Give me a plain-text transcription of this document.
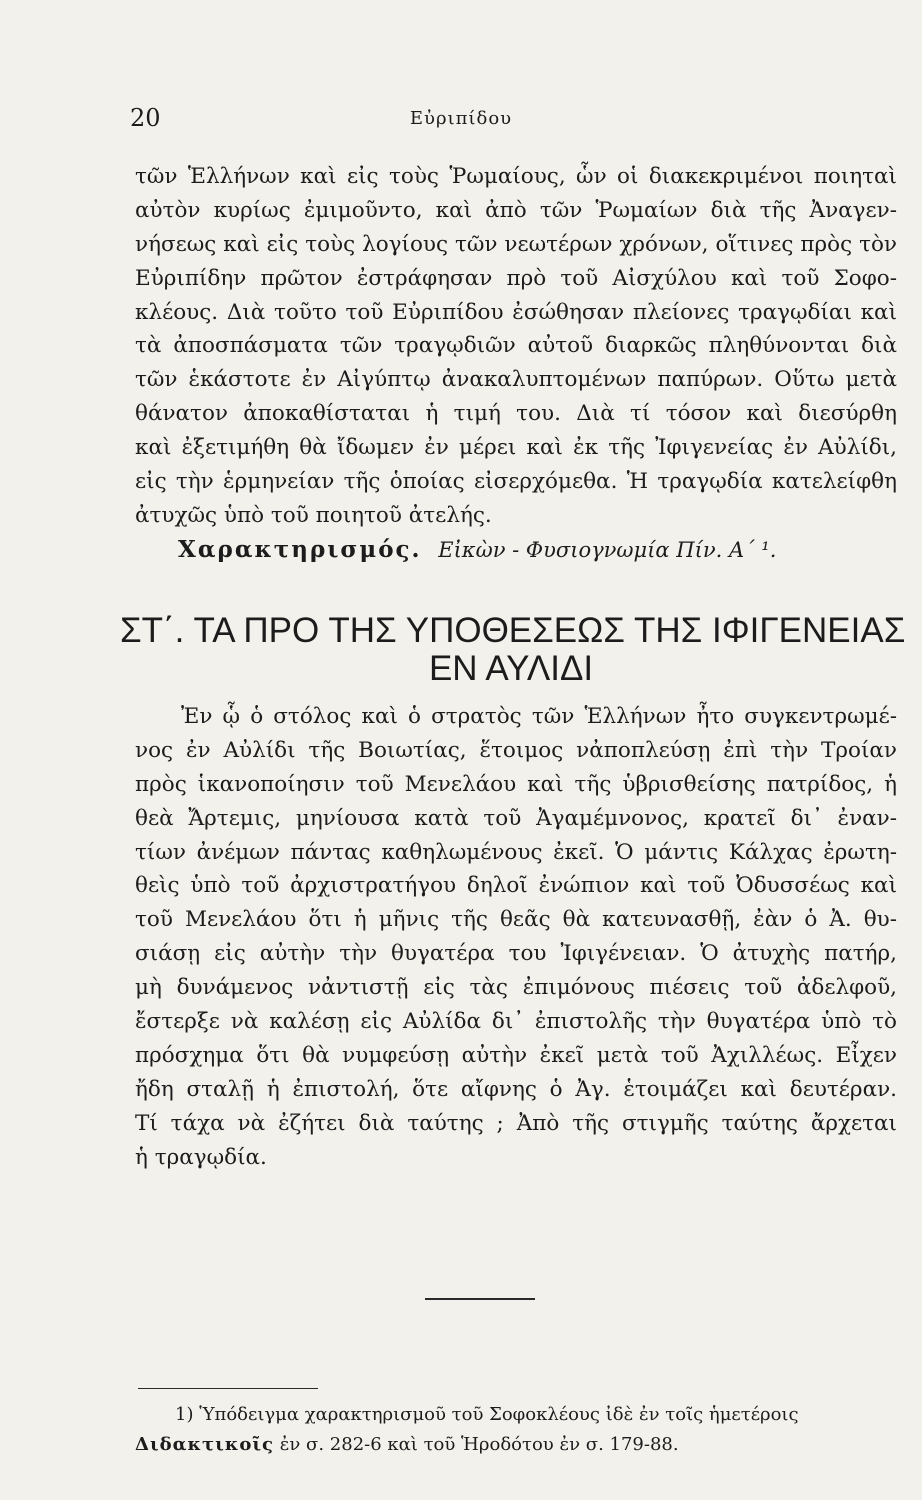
20	Εὐριπίδου
τῶν Ἑλλήνων καὶ εἰς τοὺς Ῥωμαίους, ὧν οἱ διακεκριμένοι ποιηταὶ
αὐτὸν κυρίως ἐμιμοῦντο, καὶ ἀπὸ τῶν Ῥωμαίων διὰ τῆς Ἀναγεν-
νήσεως καὶ εἰς τοὺς λογίους τῶν νεωτέρων χρόνων, οἵτινες πρὸς τὸν
Εὐριπίδην πρῶτον ἐστράφησαν πρὸ τοῦ Αἰσχύλου καὶ τοῦ Σοφο-
κλέους. Διὰ τοῦτο τοῦ Εὐριπίδου ἐσώθησαν πλείονες τραγῳδίαι καὶ
τὰ ἀποσπάσματα τῶν τραγῳδιῶν αὐτοῦ διαρκῶς πληθύνονται διὰ
τῶν ἑκάστοτε ἐν Αἰγύπτῳ ἀνακαλυπτομένων παπύρων. Οὕτω μετὰ
θάνατον ἀποκαθίσταται ἡ τιμή του. Διὰ τί τόσον καὶ διεσύρθη
καὶ ἐξετιμήθη θὰ ἴδωμεν ἐν μέρει καὶ ἐκ τῆς Ἰφιγενείας ἐν Αὐλίδι,
εἰς τὴν ἑρμηνείαν τῆς ὁποίας εἰσερχόμεθα. Ἡ τραγῳδία κατελείφθη
ἀτυχῶς ὑπὸ τοῦ ποιητοῦ ἀτελής.
Χαρακτηρισμός. Εἰκὼν - Φυσιογνωμία Πίν. Α΄ ¹.
ΣΤ΄. ΤΑ ΠΡΟ ΤΗΣ ΥΠΟΘΕΣΕΩΣ ΤΗΣ ΙΦΙΓΕΝΕΙΑΣ
ΕΝ ΑΥΛΙΔΙ
Ἐν ᾧ ὁ στόλος καὶ ὁ στρατὸς τῶν Ἑλλήνων ἦτο συγκεντρωμέ-
νος ἐν Αὐλίδι τῆς Βοιωτίας, ἕτοιμος νἀποπλεύσῃ ἐπὶ τὴν Τροίαν
πρὸς ἱκανοποίησιν τοῦ Μενελάου καὶ τῆς ὑβρισθείσης πατρίδος, ἡ
θεὰ Ἄρτεμις, μηνίουσα κατὰ τοῦ Ἀγαμέμνονος, κρατεῖ δι᾿ ἐναν-
τίων ἀνέμων πάντας καθηλωμένους ἐκεῖ. Ὁ μάντις Κάλχας ἐρωτη-
θεὶς ὑπὸ τοῦ ἀρχιστρατήγου δηλοῖ ἐνώπιον καὶ τοῦ Ὀδυσσέως καὶ
τοῦ Μενελάου ὅτι ἡ μῆνις τῆς θεᾶς θὰ κατευνασθῇ, ἐὰν ὁ Ἀ. θυ-
σιάσῃ εἰς αὐτὴν τὴν θυγατέρα του Ἰφιγένειαν. Ὁ ἀτυχὴς πατήρ,
μὴ δυνάμενος νἀντιστῇ εἰς τὰς ἐπιμόνους πιέσεις τοῦ ἀδελφοῦ,
ἔστερξε νὰ καλέσῃ εἰς Αὐλίδα δι᾿ ἐπιστολῆς τὴν θυγατέρα ὑπὸ τὸ
πρόσχημα ὅτι θὰ νυμφεύσῃ αὐτὴν ἐκεῖ μετὰ τοῦ Ἀχιλλέως. Εἶχεν
ἤδη σταλῇ ἡ ἐπιστολή, ὅτε αἴφνης ὁ Ἀγ. ἑτοιμάζει καὶ δευτέραν.
Τί τάχα νὰ ἐζήτει διὰ ταύτης ; Ἀπὸ τῆς στιγμῆς ταύτης ἄρχεται
ἡ τραγῳδία.
1) Ὑπόδειγμα χαρακτηρισμοῦ τοῦ Σοφοκλέους ἰδὲ ἐν τοῖς ἡμετέροις
Διδακτικοῖς ἐν σ. 282-6 καὶ τοῦ Ἡροδότου ἐν σ. 179-88.
